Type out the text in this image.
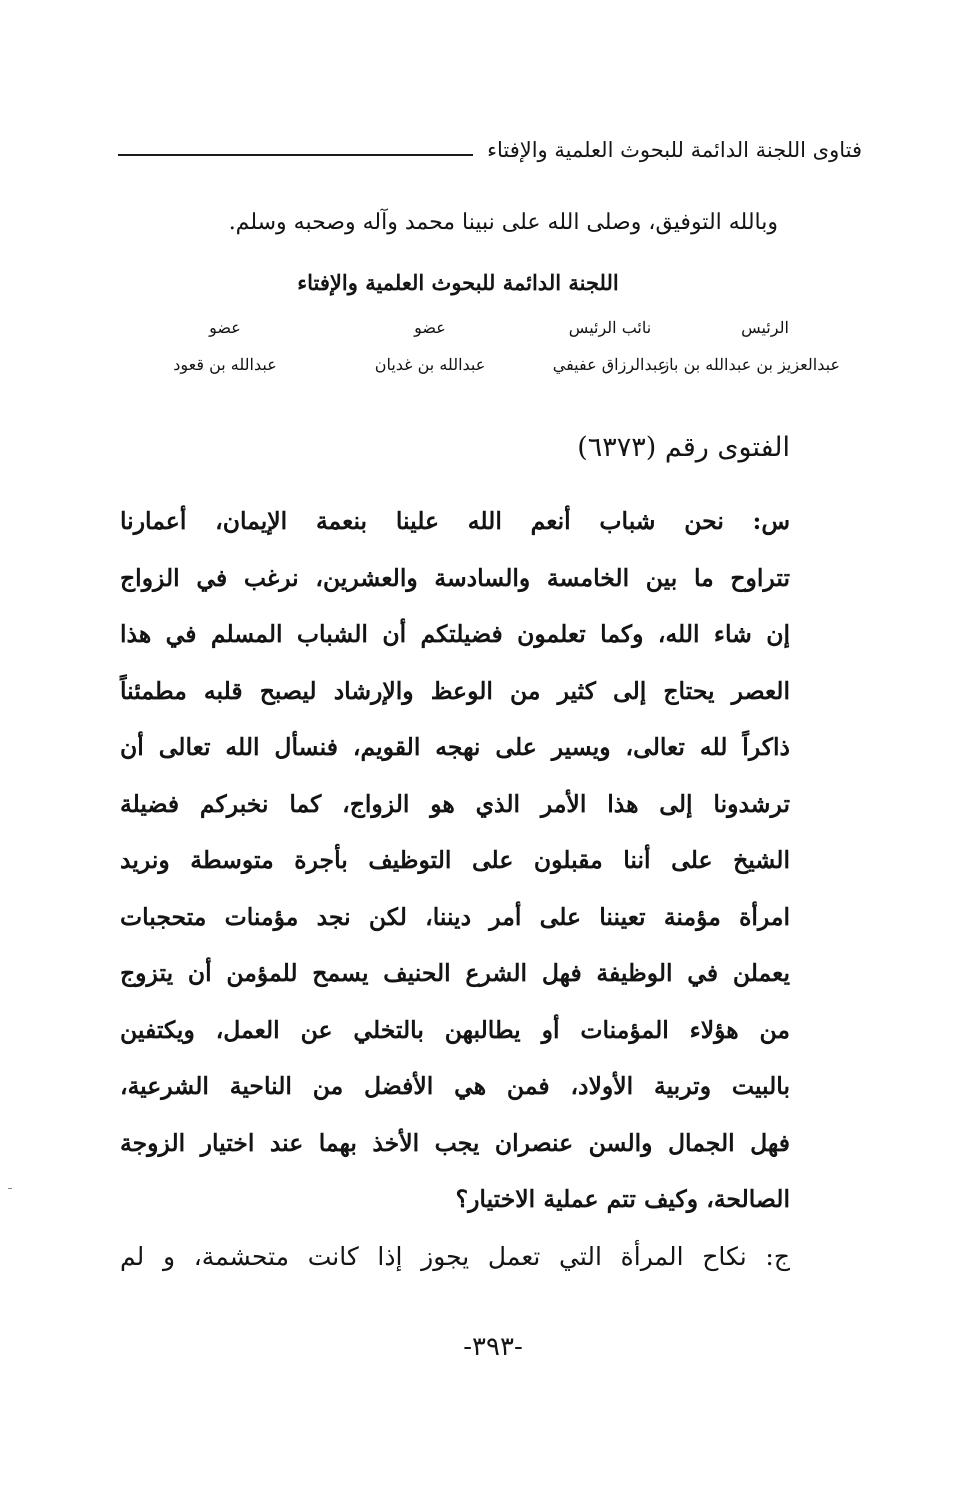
فتاوى اللجنة الدائمة للبحوث العلمية والإفتاء
وبالله التوفيق، وصلى الله على نبينا محمد وآله وصحبه وسلم.
اللجنة الدائمة للبحوث العلمية والإفتاء
الرئيس
نائب الرئيس
عضو
عضو
عبدالعزيز بن عبدالله بن باز
عبدالرزاق عفيفي
عبدالله بن غديان
عبدالله بن قعود
الفتوى رقم (٦٣٧٣)
س: نحن شباب أنعم الله علينا بنعمة الإيمان، أعمارنا
تتراوح ما بين الخامسة والسادسة والعشرين، نرغب في الزواج
إن شاء الله، وكما تعلمون فضيلتكم أن الشباب المسلم في هذا
العصر يحتاج إلى كثير من الوعظ والإرشاد ليصبح قلبه مطمئناً
ذاكراً لله تعالى، ويسير على نهجه القويم، فنسأل الله تعالى أن
ترشدونا إلى هذا الأمر الذي هو الزواج، كما نخبركم فضيلة
الشيخ على أننا مقبلون على التوظيف بأجرة متوسطة ونريد
امرأة مؤمنة تعيننا على أمر ديننا، لكن نجد مؤمنات متحجبات
يعملن في الوظيفة فهل الشرع الحنيف يسمح للمؤمن أن يتزوج
من هؤلاء المؤمنات أو يطالبهن بالتخلي عن العمل، ويكتفين
بالبيت وتربية الأولاد، فمن هي الأفضل من الناحية الشرعية،
فهل الجمال والسن عنصران يجب الأخذ بهما عند اختيار الزوجة
الصالحة، وكيف تتم عملية الاختيار؟
ج: نكاح المرأة التي تعمل يجوز إذا كانت متحشمة، و لم
-٣٩٣-
